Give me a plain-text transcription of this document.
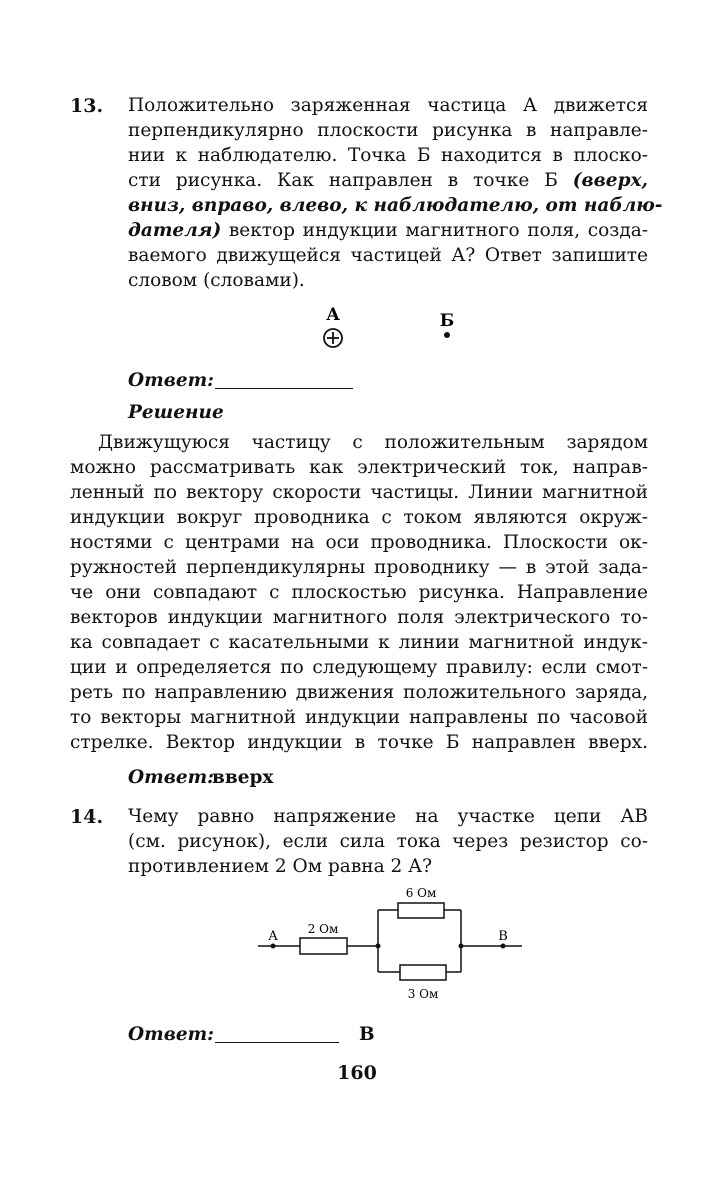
13. Положительно заряженная частица А движется
перпендикулярно плоскости рисунка в направле-
нии к наблюдателю. Точка Б находится в плоско-
сти рисунка. Как направлен в точке Б (вверх,
вниз, вправо, влево, к наблюдателю, от наблю-
дателя) вектор индукции магнитного поля, созда-
ваемого движущейся частицей А? Ответ запишите
словом (словами).
А	Б
Ответ:
Решение
Движущуюся частицу с положительным зарядом
можно рассматривать как электрический ток, направ-
ленный по вектору скорости частицы. Линии магнитной
индукции вокруг проводника с током являются окруж-
ностями с центрами на оси проводника. Плоскости ок-
ружностей перпендикулярны проводнику — в этой зада-
че они совпадают с плоскостью рисунка. Направление
векторов индукции магнитного поля электрического то-
ка совпадает с касательными к линии магнитной индук-
ции и определяется по следующему правилу: если смот-
реть по направлению движения положительного заряда,
то векторы магнитной индукции направлены по часовой
стрелке. Вектор индукции в точке Б направлен вверх.
Ответ:
вверх
14. Чему равно напряжение на участке цепи АВ
(см. рисунок), если сила тока через резистор со-
противлением 2 Ом равна 2 А?
А	В
2 Ом
6 Ом
3 Ом
Ответ:	В
160
